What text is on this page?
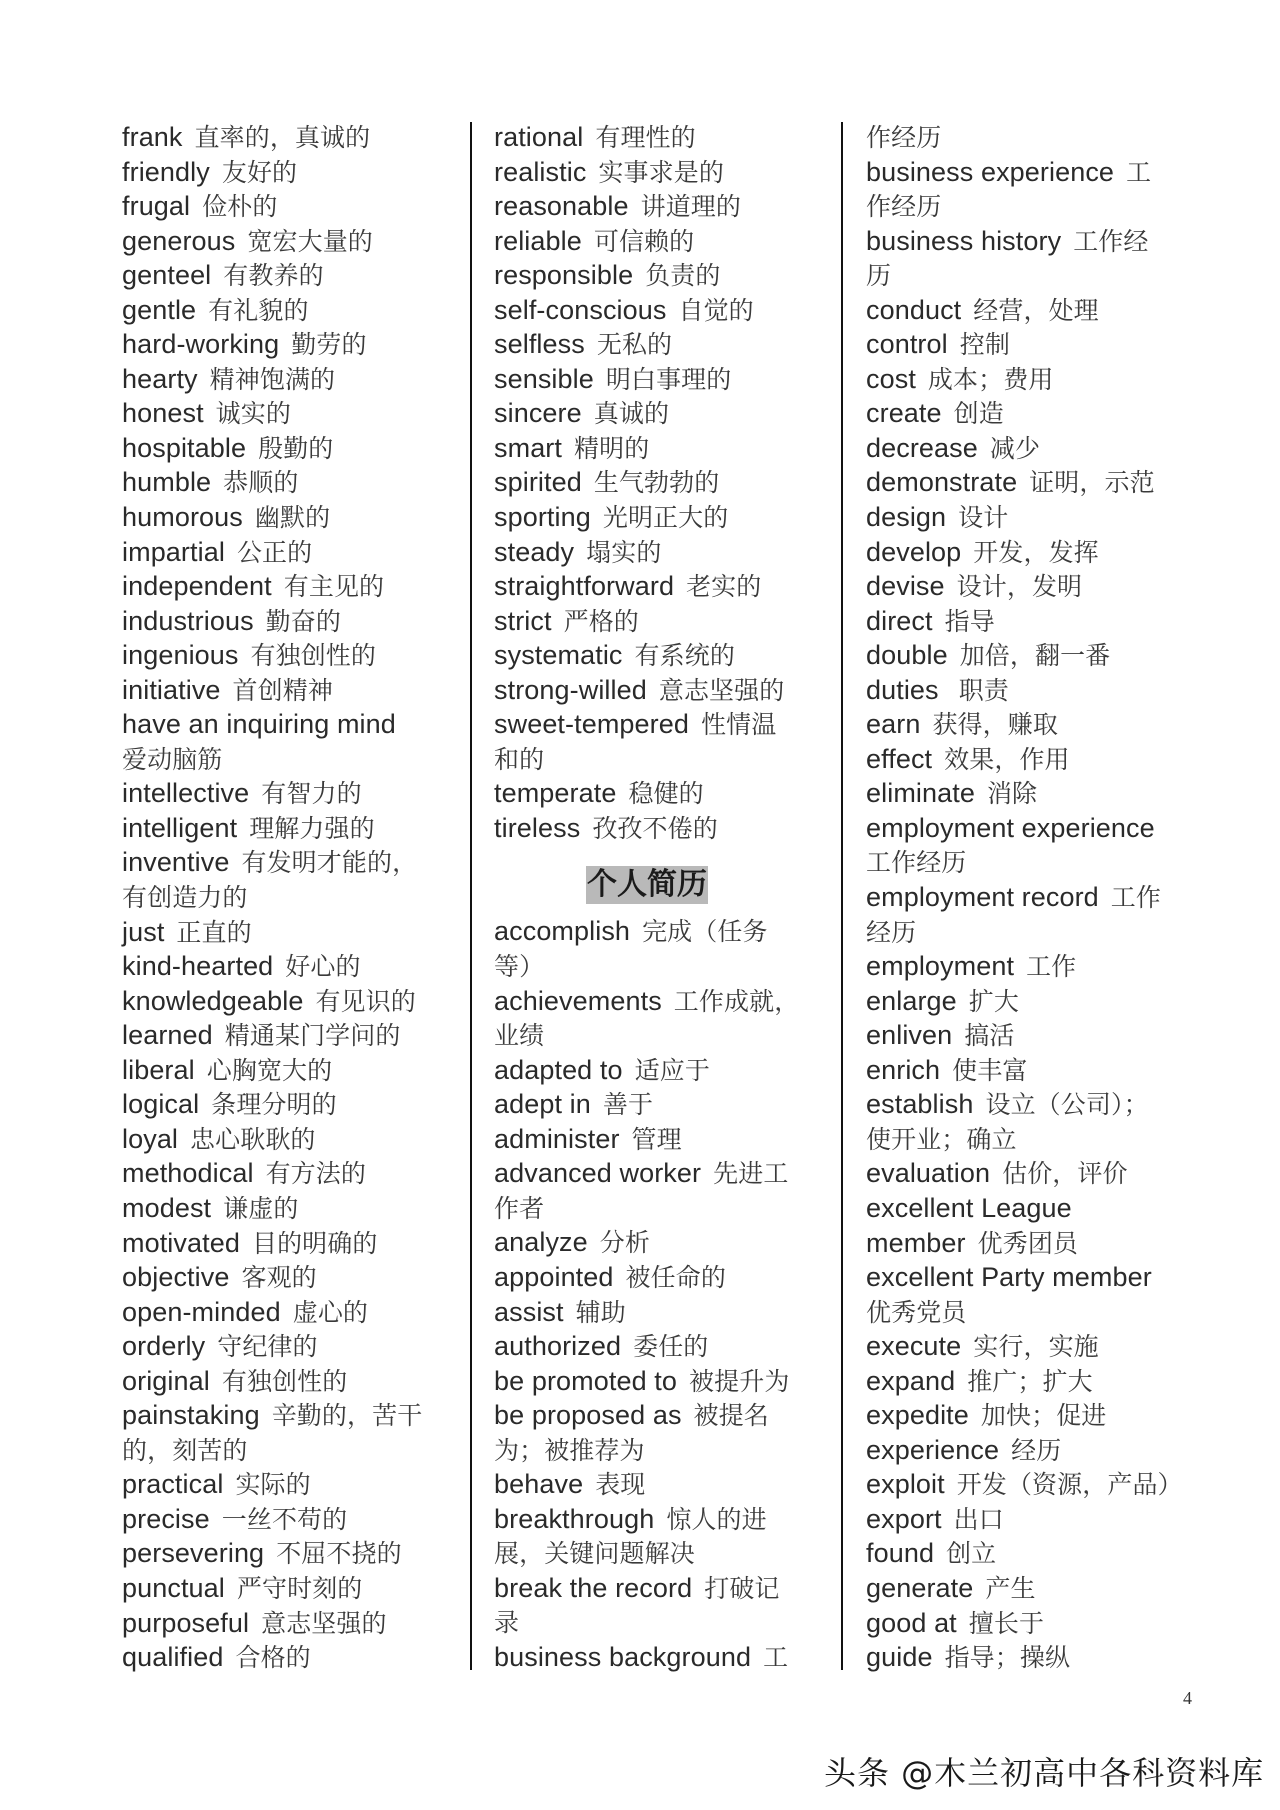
frank 直率的，真诚的
friendly 友好的
frugal 俭朴的
generous 宽宏大量的
genteel 有教养的
gentle 有礼貌的
hard-working 勤劳的
hearty 精神饱满的
honest 诚实的
hospitable 殷勤的
humble 恭顺的
humorous 幽默的
impartial 公正的
independent 有主见的
industrious 勤奋的
ingenious 有独创性的
initiative 首创精神
have an inquiring mind
爱动脑筋
intellective 有智力的
intelligent 理解力强的
inventive 有发明才能的，
有创造力的
just 正直的
kind-hearted 好心的
knowledgeable 有见识的
learned 精通某门学问的
liberal 心胸宽大的
logical 条理分明的
loyal 忠心耿耿的
methodical 有方法的
modest 谦虚的
motivated 目的明确的
objective 客观的
open-minded 虚心的
orderly 守纪律的
original 有独创性的
painstaking 辛勤的，苦干
的，刻苦的
practical 实际的
precise 一丝不苟的
persevering 不屈不挠的
punctual 严守时刻的
purposeful 意志坚强的
qualified 合格的
rational 有理性的
realistic 实事求是的
reasonable 讲道理的
reliable 可信赖的
responsible 负责的
self-conscious 自觉的
selfless 无私的
sensible 明白事理的
sincere 真诚的
smart 精明的
spirited 生气勃勃的
sporting 光明正大的
steady 塌实的
straightforward 老实的
strict 严格的
systematic 有系统的
strong-willed 意志坚强的
sweet-tempered 性情温
和的
temperate 稳健的
tireless 孜孜不倦的
个人简历
accomplish 完成（任务
等）
achievements 工作成就，
业绩
adapted to 适应于
adept in 善于
administer 管理
advanced worker 先进工
作者
analyze 分析
appointed 被任命的
assist 辅助
authorized 委任的
be promoted to 被提升为
be proposed as 被提名
为；被推荐为
behave 表现
breakthrough 惊人的进
展，关键问题解决
break the record 打破记
录
business background 工
作经历
business experience 工
作经历
business history 工作经
历
conduct 经营，处理
control 控制
cost 成本；费用
create 创造
decrease 减少
demonstrate 证明，示范
design 设计
develop 开发，发挥
devise 设计，发明
direct 指导
double 加倍，翻一番
duties 职责
earn 获得，赚取
effect 效果，作用
eliminate 消除
employment experience
工作经历
employment record 工作
经历
employment 工作
enlarge 扩大
enliven 搞活
enrich 使丰富
establish 设立（公司）；
使开业；确立
evaluation 估价，评价
excellent League
member 优秀团员
excellent Party member
优秀党员
execute 实行，实施
expand 推广；扩大
expedite 加快；促进
experience 经历
exploit 开发（资源，产品）
export 出口
found 创立
generate 产生
good at 擅长于
guide 指导；操纵
4
头条 @木兰初高中各科资料库
